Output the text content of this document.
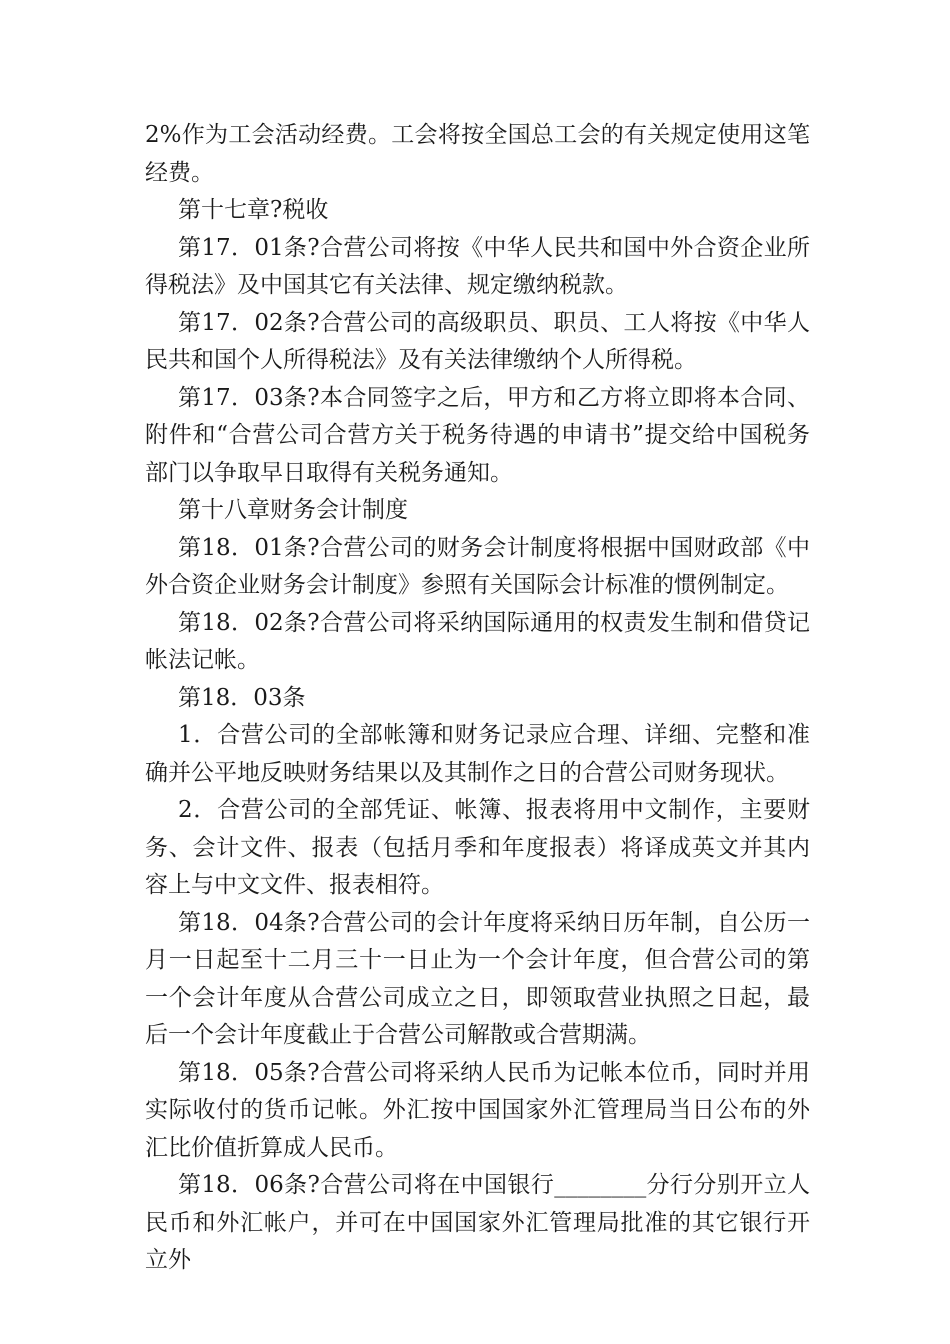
2%作为工会活动经费。工会将按全国总工会的有关规定使用这笔经费。

第十七章?税收

第17．01条?合营公司将按《中华人民共和国中外合资企业所得税法》及中国其它有关法律、规定缴纳税款。

第17．02条?合营公司的高级职员、职员、工人将按《中华人民共和国个人所得税法》及有关法律缴纳个人所得税。

第17．03条?本合同签字之后，甲方和乙方将立即将本合同、附件和“合营公司合营方关于税务待遇的申请书”提交给中国税务部门以争取早日取得有关税务通知。

第十八章财务会计制度

第18．01条?合营公司的财务会计制度将根据中国财政部《中外合资企业财务会计制度》参照有关国际会计标准的惯例制定。

第18．02条?合营公司将采纳国际通用的权责发生制和借贷记帐法记帐。

第18．03条

1．合营公司的全部帐簿和财务记录应合理、详细、完整和准确并公平地反映财务结果以及其制作之日的合营公司财务现状。

2．合营公司的全部凭证、帐簿、报表将用中文制作，主要财务、会计文件、报表（包括月季和年度报表）将译成英文并其内容上与中文文件、报表相符。

第18．04条?合营公司的会计年度将采纳日历年制，自公历一月一日起至十二月三十一日止为一个会计年度，但合营公司的第一个会计年度从合营公司成立之日，即领取营业执照之日起，最后一个会计年度截止于合营公司解散或合营期满。

第18．05条?合营公司将采纳人民币为记帐本位币，同时并用实际收付的货币记帐。外汇按中国国家外汇管理局当日公布的外汇比价值折算成人民币。

第18．06条?合营公司将在中国银行________分行分别开立人民币和外汇帐户，并可在中国国家外汇管理局批准的其它银行开立外
